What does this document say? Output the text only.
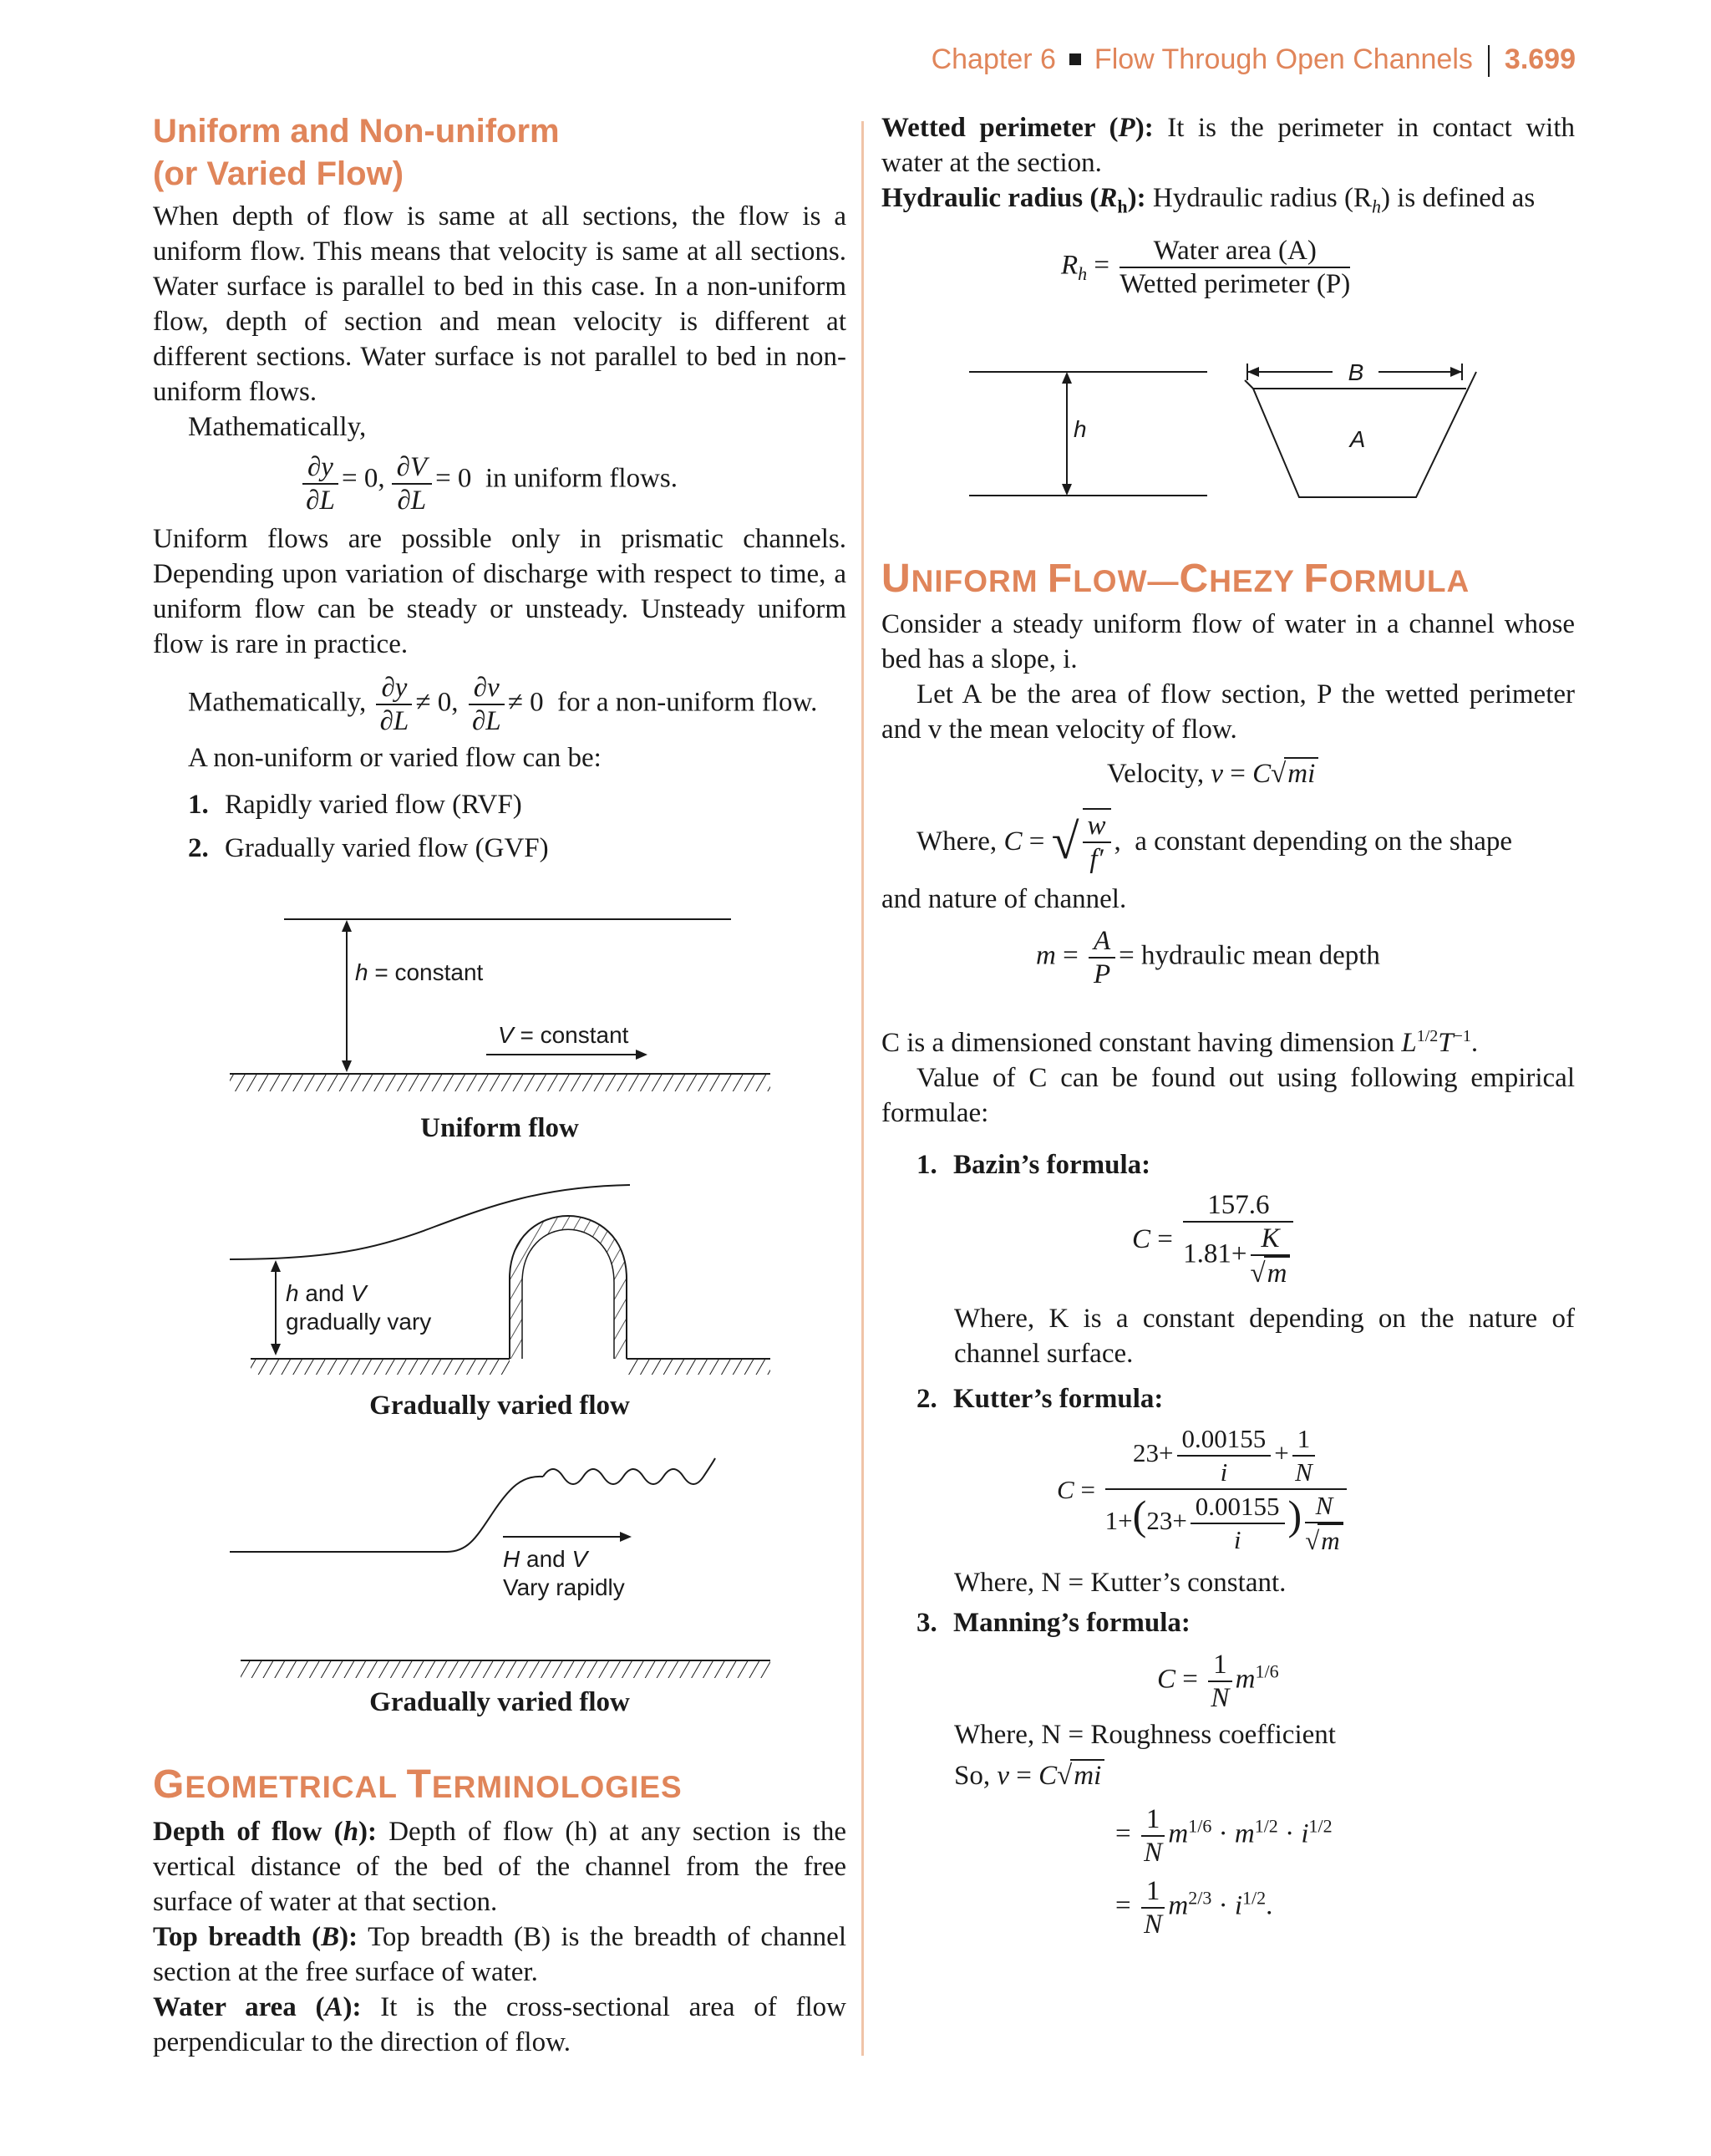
Chapter 6 Flow Through Open Channels 3.699
Uniform and Non-uniform
(or Varied Flow)

When depth of flow is same at all sections, the flow is a uniform flow. This means that velocity is same at all sections. Water surface is parallel to bed in this case. In a non-uniform flow, depth of section and mean velocity is different at different sections. Water surface is not parallel to bed in non-uniform flows.

Mathematically,

$\frac{\partial y}{\partial L} = 0$, $\frac{\partial V}{\partial L} = 0$  in uniform flows.

Uniform flows are possible only in prismatic channels. Depending upon variation of discharge with respect to time, a uniform flow can be steady or unsteady. Unsteady uniform flow is rare in practice.

Mathematically, $\frac{\partial y}{\partial L} \ne 0$, $\frac{\partial v}{\partial L} \ne 0$  for a non-uniform flow.

A non-uniform or varied flow can be:

1. Rapidly varied flow (RVF)
2. Gradually varied flow (GVF)
h = constant
V = constant
Uniform flow
h and V
gradually vary
Gradually varied flow
H and V
Vary rapidly
Gradually varied flow
GEOMETRICAL TERMINOLOGIES

Depth of flow (h): Depth of flow (h) at any section is the vertical distance of the bed of the channel from the free surface of water at that section.

Top breadth (B): Top breadth (B) is the breadth of channel section at the free surface of water.

Water area (A): It is the cross-sectional area of flow perpendicular to the direction of flow.

Wetted perimeter (P): It is the perimeter in contact with water at the section.

Hydraulic radius $(R_h)$: Hydraulic radius $(R_h)$ is defined as

$R_h = \frac{\text{Water area (A)}}{\text{Wetted perimeter (P)}}$
h
B
A
UNIFORM FLOW—CHEZY FORMULA

Consider a steady uniform flow of water in a channel whose bed has a slope, i.

Let A be the area of flow section, P the wetted perimeter and v the mean velocity of flow.

Velocity, v = C√mi
Where,
C = √ $\frac{w}{f'}$ , a constant depending on the shape

and nature of channel.

$m = \frac{A}{P}$ = hydraulic mean depth

C is a dimensioned constant having dimension $L^{1/2}T^{-1}$.

Value of C can be found out using following empirical formulae:

1. Bazin’s formula:
$C = \frac{157.6}{1.81+ \frac{K}{√m}}$

Where, K is a constant depending on the nature of channel surface.

2. Kutter’s formula:
$C = \frac{23+ \frac{0.00155}{i} + \frac{1}{N}}{1+(23+ \frac{0.00155}{i} ) \frac{N}{√m}}$

Where, N = Kutter’s constant.

3. Manning’s formula:
$C = \frac{1}{N} m^{1/6}$

Where, N = Roughness coefficient

So, v = C√mi
= $\frac{1}{N} m^{1/6} \cdot m^{1/2} \cdot i^{1/2}$
= $\frac{1}{N} m^{2/3} \cdot i^{1/2}$.
